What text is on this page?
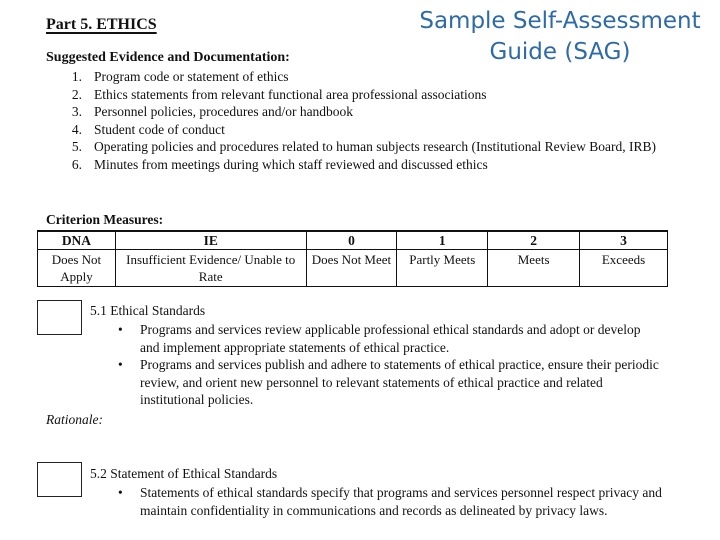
Sample Self-Assessment Guide (SAG)
Part 5. ETHICS
Suggested Evidence and Documentation:
1. Program code or statement of ethics
2. Ethics statements from relevant functional area professional associations
3. Personnel policies, procedures and/or handbook
4. Student code of conduct
5. Operating policies and procedures related to human subjects research (Institutional Review Board, IRB)
6. Minutes from meetings during which staff reviewed and discussed ethics
Criterion Measures:
DNA	IE	0	1	2	3
Does Not Apply	Insufficient Evidence/ Unable to Rate	Does Not Meet	Partly Meets	Meets	Exceeds
5.1 Ethical Standards
• Programs and services review applicable professional ethical standards and adopt or develop and implement appropriate statements of ethical practice.
• Programs and services publish and adhere to statements of ethical practice, ensure their periodic review, and orient new personnel to relevant statements of ethical practice and related institutional policies.
Rationale:
5.2 Statement of Ethical Standards
• Statements of ethical standards specify that programs and services personnel respect privacy and maintain confidentiality in communications and records as delineated by privacy laws.
